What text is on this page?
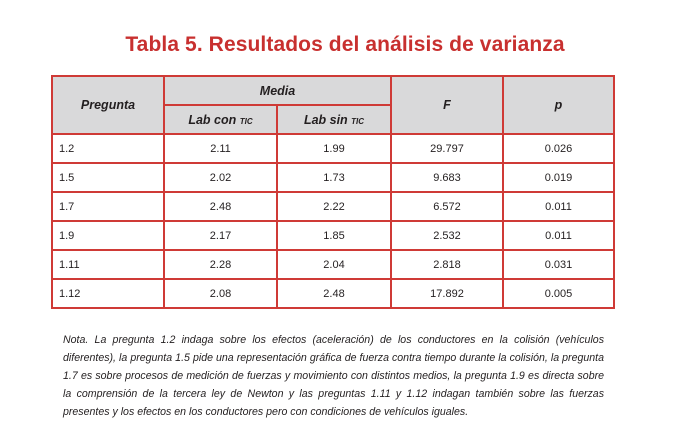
Tabla 5. Resultados del análisis de varianza
Pregunta	Media		F	p
	Lab con tic	Lab sin tic		
1.2	2.11	1.99	29.797	0.026
1.5	2.02	1.73	9.683	0.019
1.7	2.48	2.22	6.572	0.011
1.9	2.17	1.85	2.532	0.011
1.11	2.28	2.04	2.818	0.031
1.12	2.08	2.48	17.892	0.005

Nota. La pregunta 1.2 indaga sobre los efectos (aceleración) de los conductores en la colisión (vehículos diferentes), la pregunta 1.5 pide una representación gráfica de fuerza contra tiempo durante la colisión, la pregunta 1.7 es sobre procesos de medición de fuerzas y movimiento con distintos medios, la pregunta 1.9 es directa sobre la comprensión de la tercera ley de Newton y las preguntas 1.11 y 1.12 indagan también sobre las fuerzas presentes y los efectos en los conductores pero con condiciones de vehículos iguales.
